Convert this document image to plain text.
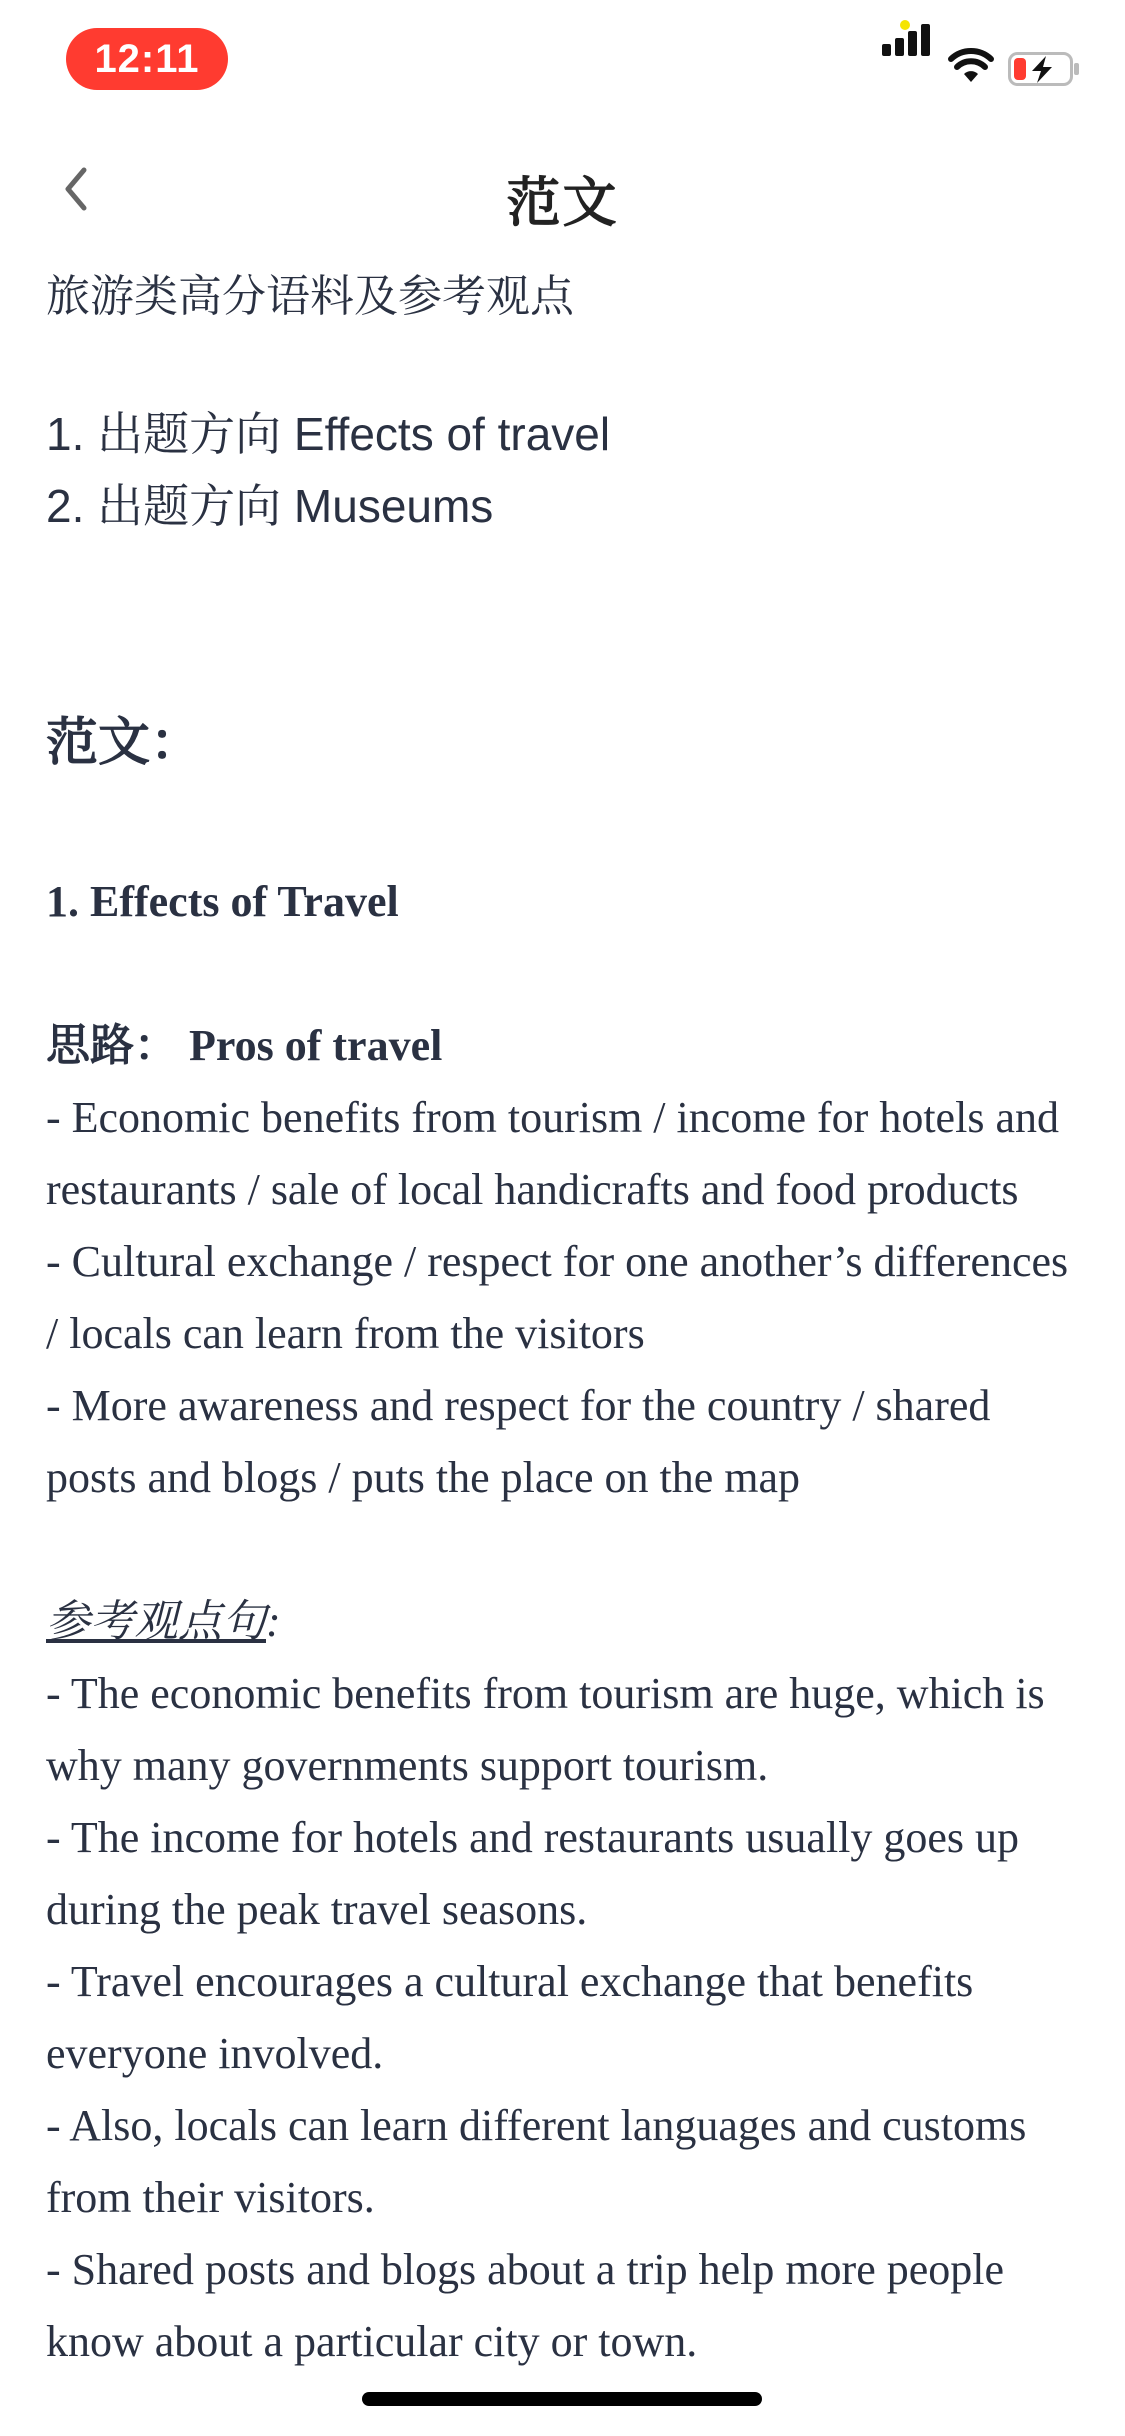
12:11
范文

旅游类高分语料及参考观点

1. 出题方向 Effects of travel

2. 出题方向 Museums

范文：

1. Effects of Travel

思路： Pros of travel

- Economic benefits from tourism / income for hotels and restaurants / sale of local handicrafts and food products

- Cultural exchange / respect for one another’s differences / locals can learn from the visitors

- More awareness and respect for the country / shared posts and blogs / puts the place on the map

参考观点句:

- The economic benefits from tourism are huge, which is why many governments support tourism.

- The income for hotels and restaurants usually goes up during the peak travel seasons.

- Travel encourages a cultural exchange that benefits everyone involved.

- Also, locals can learn different languages and customs from their visitors.

- Shared posts and blogs about a trip help more people know about a particular city or town.
